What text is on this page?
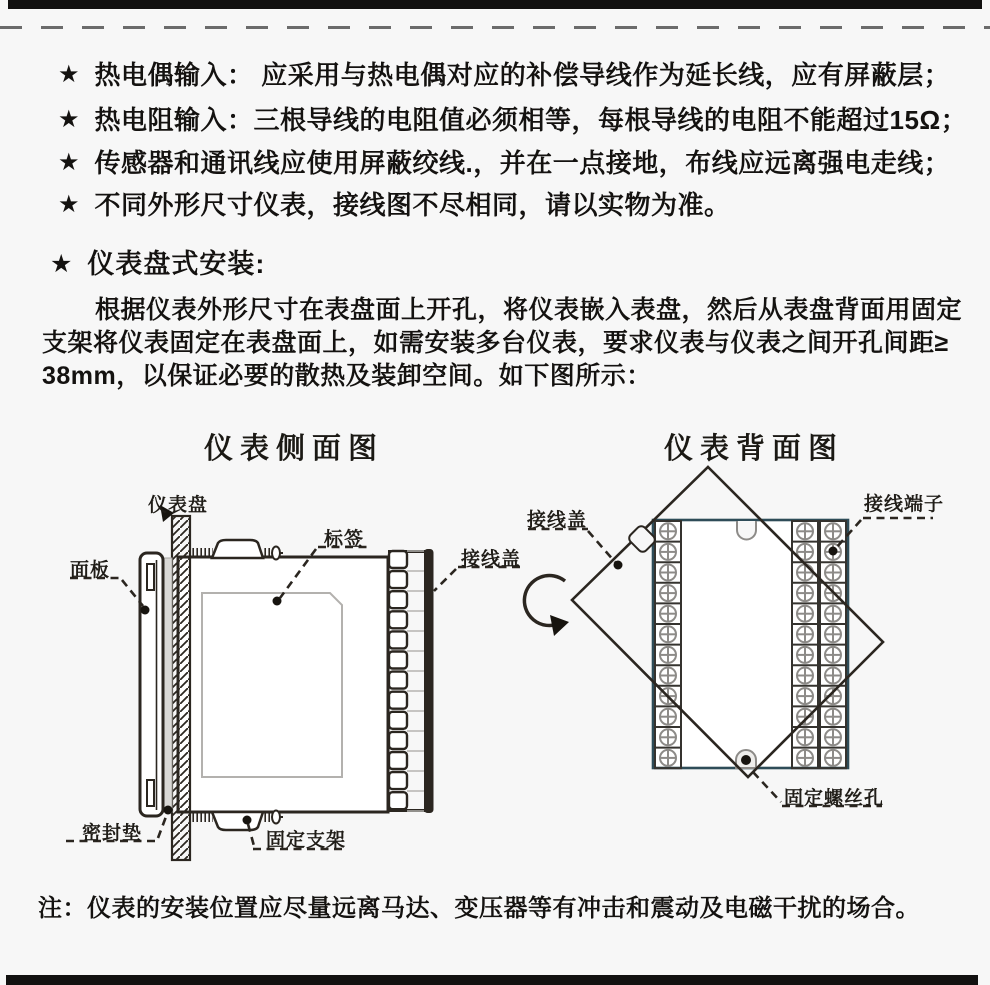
★ 热电偶输入： 应采用与热电偶对应的补偿导线作为延长线，应有屏蔽层；
★ 热电阻输入：三根导线的电阻值必须相等，每根导线的电阻不能超过15Ω；
★ 传感器和通讯线应使用屏蔽绞线.，并在一点接地，布线应远离强电走线；
★ 不同外形尺寸仪表，接线图不尽相同，请以实物为准。
★ 仪表盘式安装:
根据仪表外形尺寸在表盘面上开孔，将仪表嵌入表盘，然后从表盘背面用固定
支架将仪表固定在表盘面上，如需安装多台仪表，要求仪表与仪表之间开孔间距≥
38mm，以保证必要的散热及装卸空间。如下图所示：
仪表侧面图	仪表背面图
仪表盘
面板
标签
接线盖
密封垫	固定支架
接线盖
接线端子
固定螺丝孔
注：仪表的安装位置应尽量远离马达、变压器等有冲击和震动及电磁干扰的场合。
